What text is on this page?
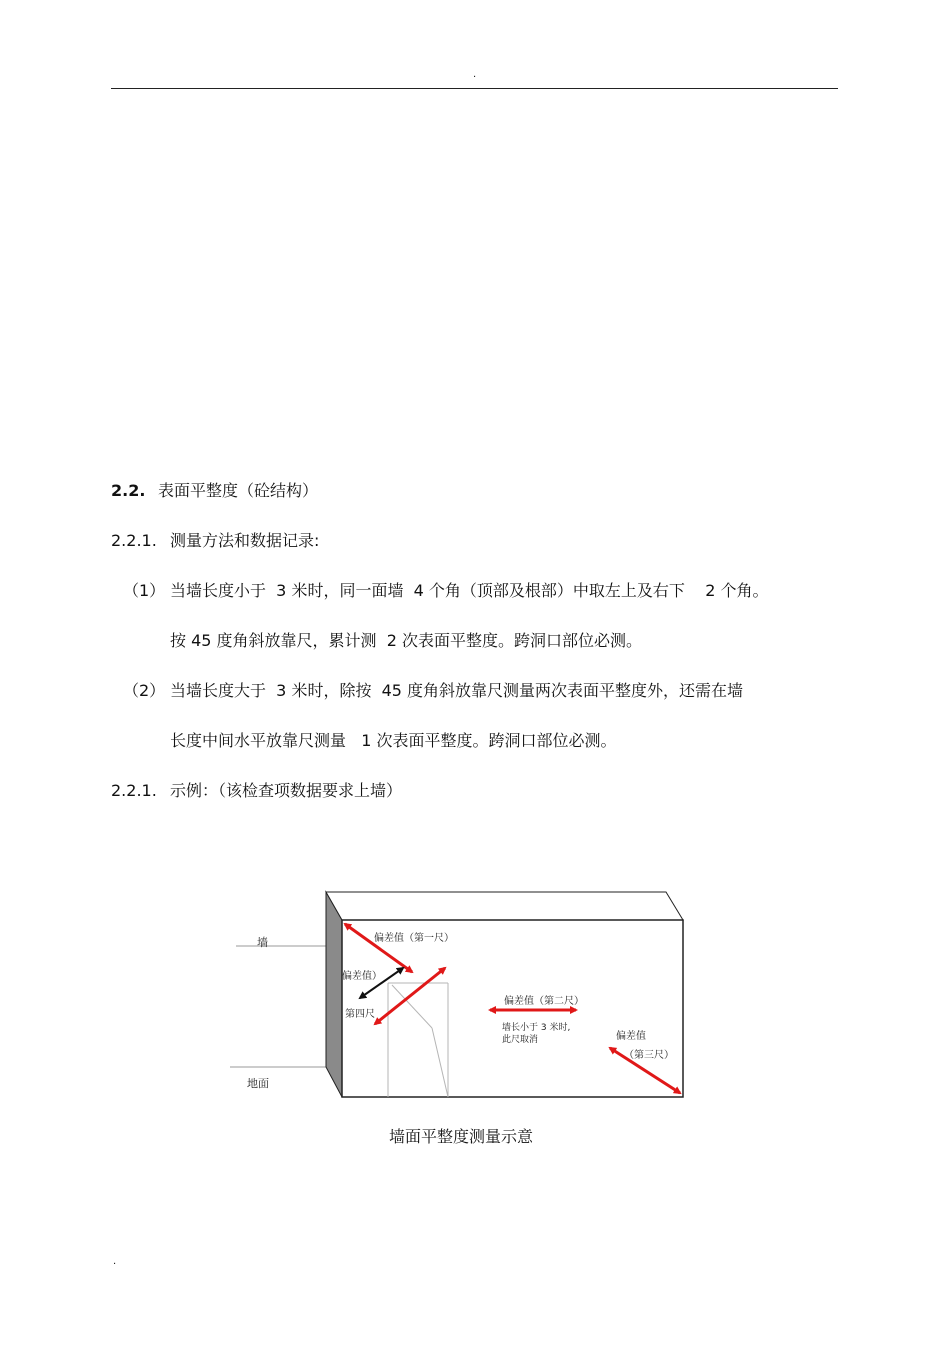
.
2.2. 表面平整度（砼结构）
2.2.1. 测量方法和数据记录:
（1） 当墙长度小于  3 米时，同一面墙  4 个角（顶部及根部）中取左上及右下    2 个角。
按 45 度角斜放靠尺，累计测  2 次表面平整度。跨洞口部位必测。
（2） 当墙长度大于  3 米时，除按  45 度角斜放靠尺测量两次表面平整度外，还需在墙
长度中间水平放靠尺测量   1 次表面平整度。跨洞口部位必测。
2.2.1. 示例：（该检查项数据要求上墙）
墙
地面
偏差值（第一尺）
偏差值）
第四尺
偏差值（第二尺）
墙长小于 3 米时,
此尺取消	偏差值
（第三尺）
墙面平整度测量示意
.
